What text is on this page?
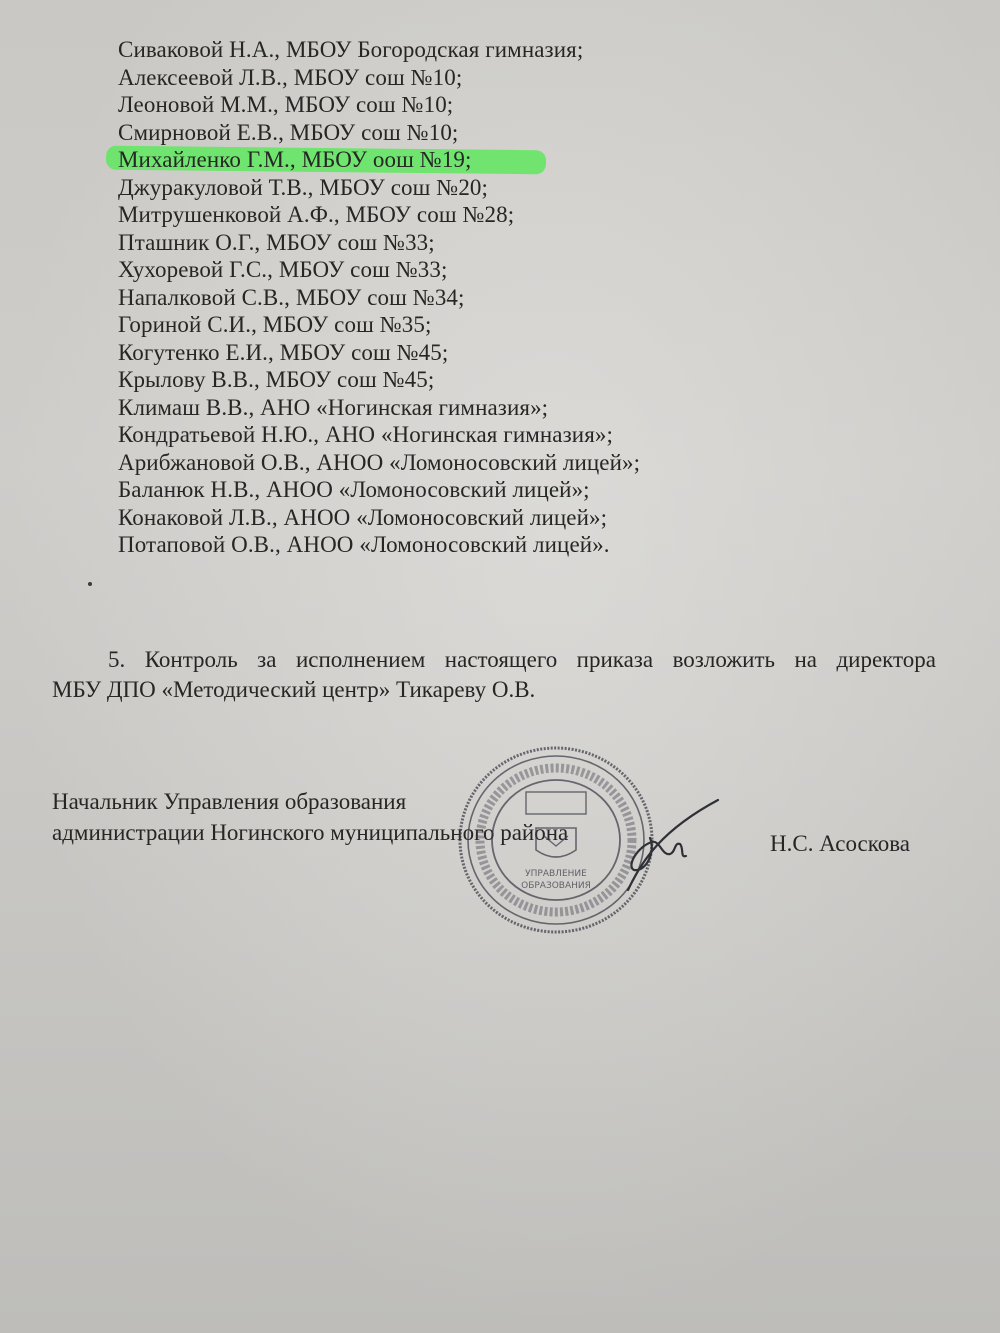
Сиваковой Н.А., МБОУ Богородская гимназия;
Алексеевой Л.В., МБОУ сош №10;
Леоновой М.М., МБОУ сош №10;
Смирновой Е.В., МБОУ сош №10;
Михайленко Г.М., МБОУ оош №19;
Джуракуловой Т.В., МБОУ сош №20;
Митрушенковой А.Ф., МБОУ сош №28;
Пташник О.Г., МБОУ сош №33;
Хухоревой Г.С., МБОУ сош №33;
Напалковой С.В., МБОУ сош №34;
Гориной С.И., МБОУ сош №35;
Когутенко Е.И., МБОУ сош №45;
Крылову В.В., МБОУ сош №45;
Климаш В.В., АНО «Ногинская гимназия»;
Кондратьевой Н.Ю., АНО «Ногинская гимназия»;
Арибжановой О.В., АНОО «Ломоносовский лицей»;
Баланюк Н.В., АНОО «Ломоносовский лицей»;
Конаковой Л.В., АНОО «Ломоносовский лицей»;
Потаповой О.В., АНОО «Ломоносовский лицей».
5. Контроль за исполнением настоящего приказа возложить на директора
МБУ ДПО «Методический центр» Тикареву О.В.
Начальник Управления образования
администрации Ногинского муниципального района	Н.С. Асоскова
УПРАВЛЕНИЕ
ОБРАЗОВАНИЯ
